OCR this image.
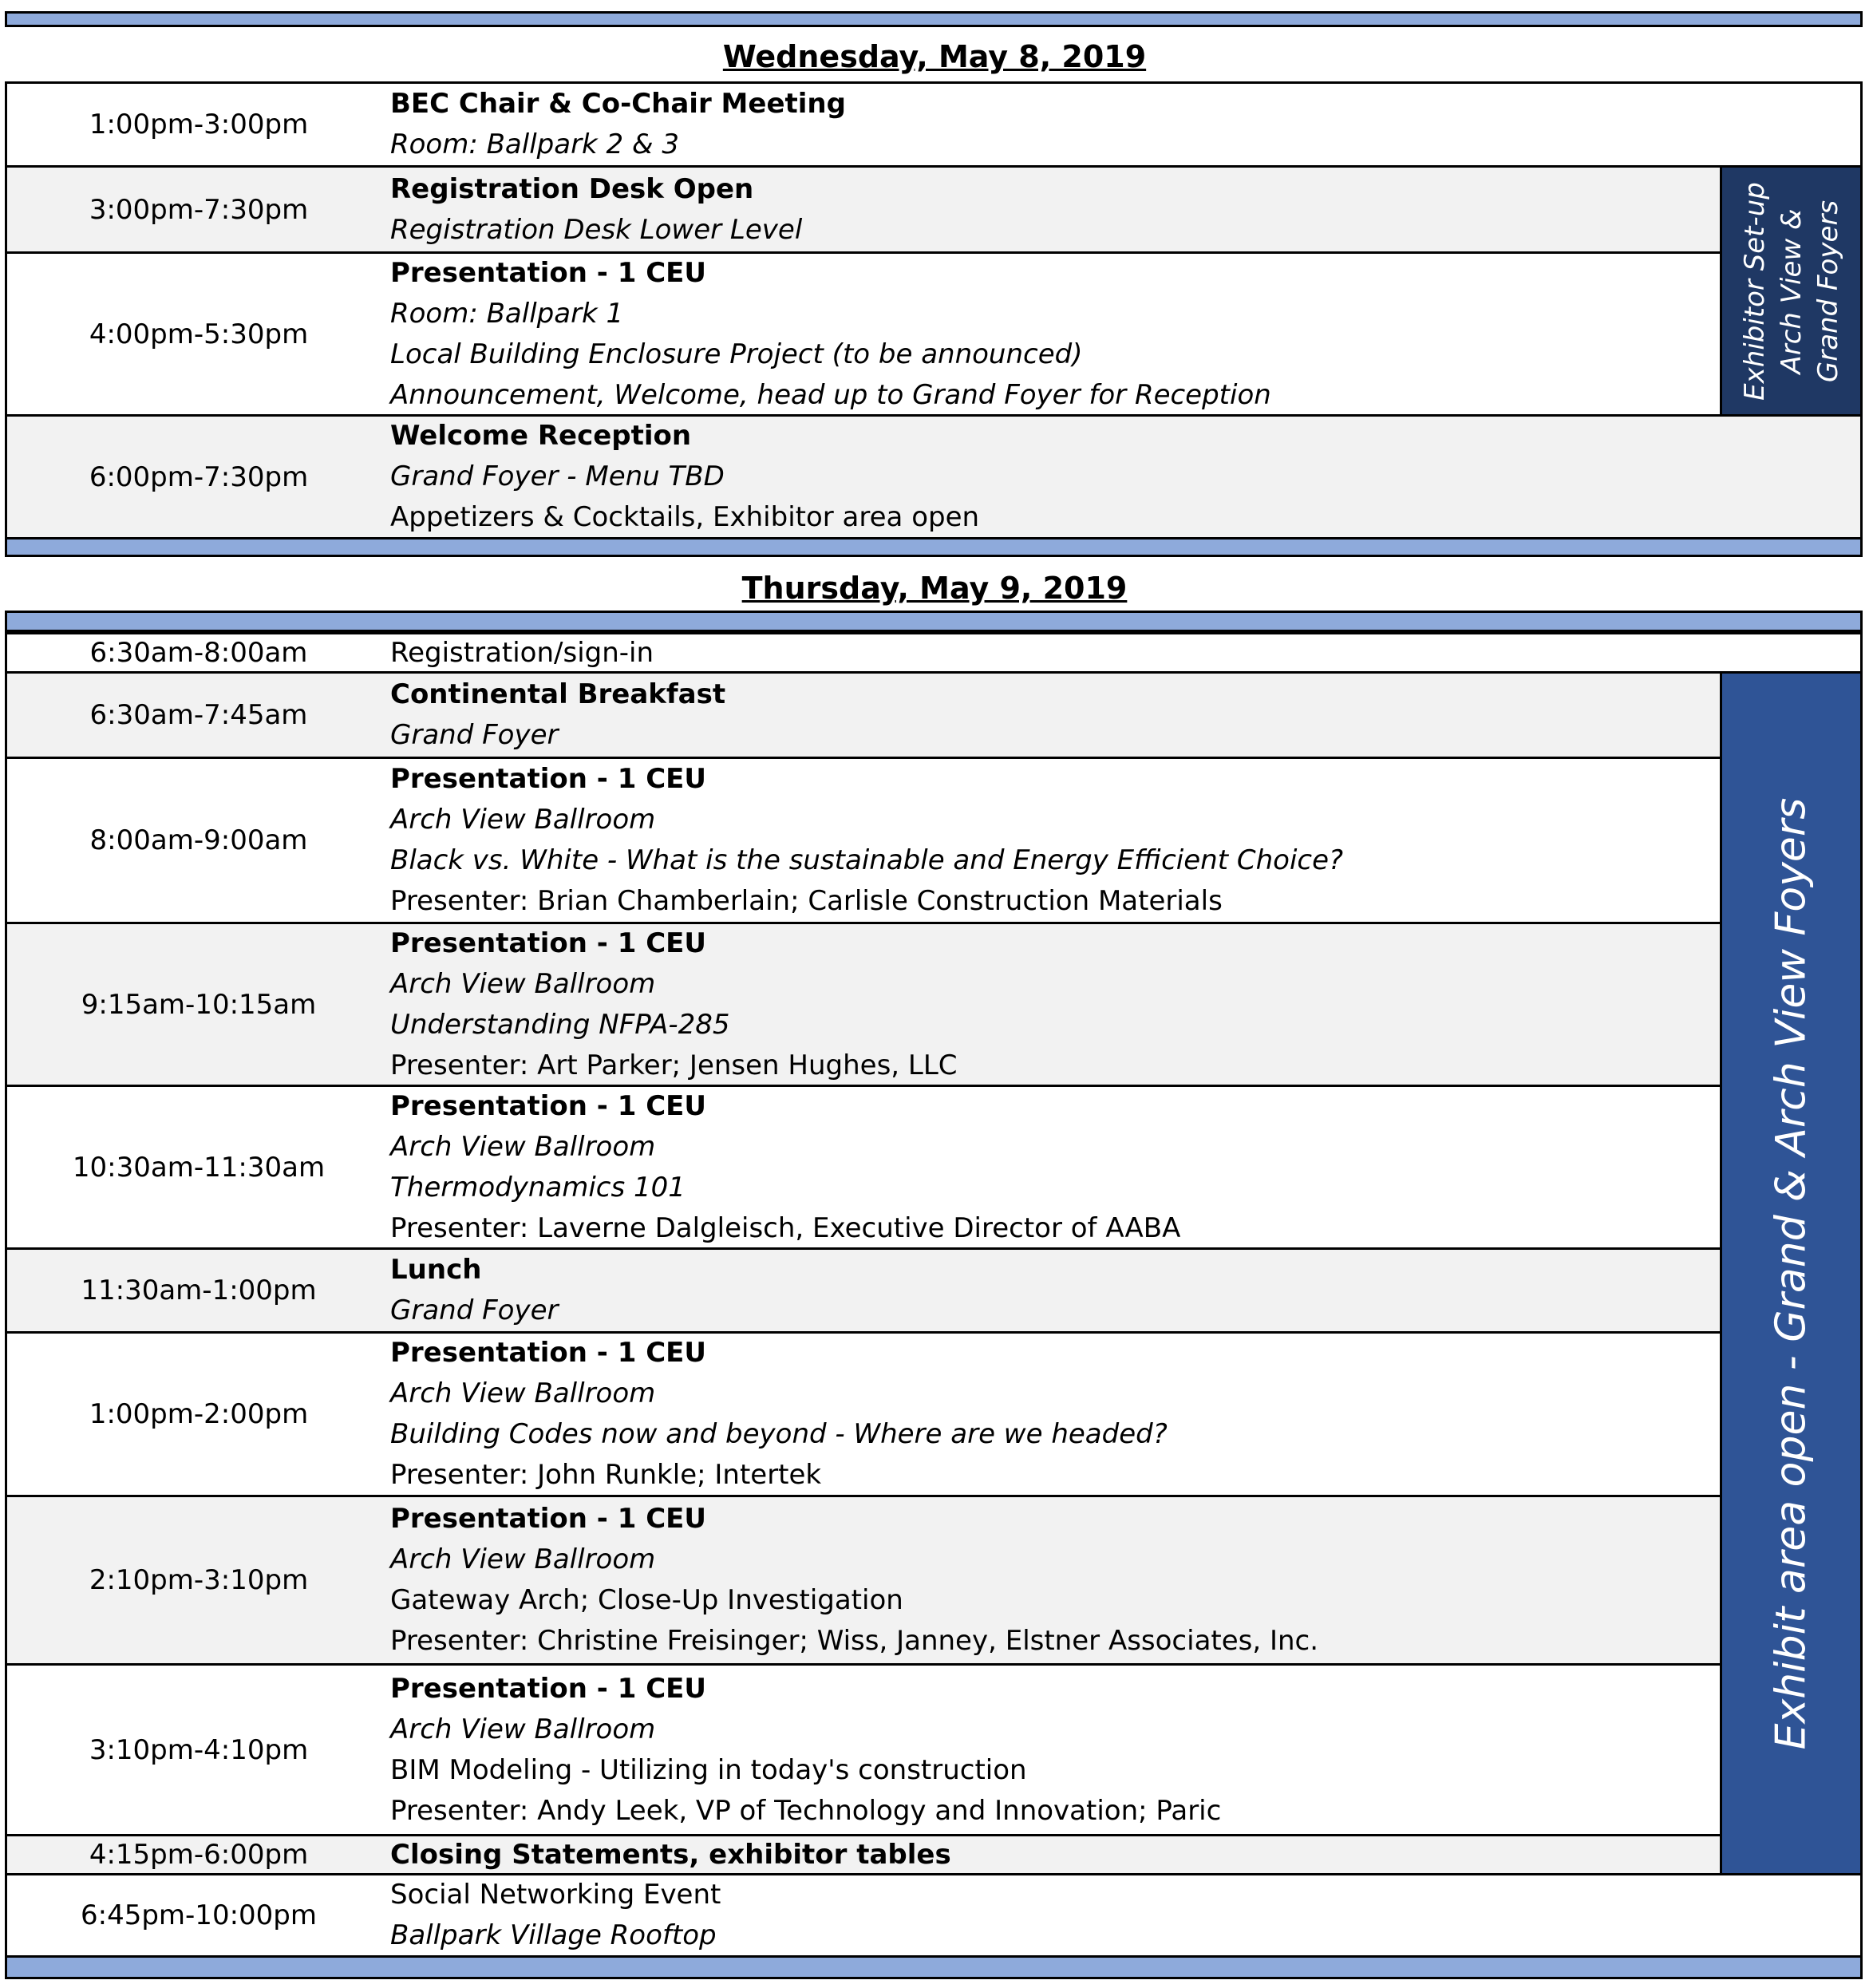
Wednesday, May 8, 2019
1:00pm-3:00pm
BEC Chair & Co-Chair Meeting
Room: Ballpark 2 & 3
3:00pm-7:30pm
Registration Desk Open
Registration Desk Lower Level
4:00pm-5:30pm
Presentation - 1 CEU
Room: Ballpark 1
Local Building Enclosure Project (to be announced)
Announcement, Welcome, head up to Grand Foyer for Reception
6:00pm-7:30pm
Welcome Reception
Grand Foyer - Menu TBD
Appetizers & Cocktails, Exhibitor area open
Exhibitor Set-up Arch View & Grand Foyers
Thursday, May 9, 2019
6:30am-8:00am	Registration/sign-in
6:30am-7:45am
Continental Breakfast
Grand Foyer
8:00am-9:00am
Presentation - 1 CEU
Arch View Ballroom
Black vs. White - What is the sustainable and Energy Efficient Choice?
Presenter: Brian Chamberlain; Carlisle Construction Materials
9:15am-10:15am
Presentation - 1 CEU
Arch View Ballroom
Understanding NFPA-285
Presenter: Art Parker; Jensen Hughes, LLC
10:30am-11:30am
Presentation - 1 CEU
Arch View Ballroom
Thermodynamics 101
Presenter: Laverne Dalgleisch, Executive Director of AABA
11:30am-1:00pm
Lunch
Grand Foyer
1:00pm-2:00pm
Presentation - 1 CEU
Arch View Ballroom
Building Codes now and beyond - Where are we headed?
Presenter: John Runkle; Intertek
2:10pm-3:10pm
Presentation - 1 CEU
Arch View Ballroom
Gateway Arch; Close-Up Investigation
Presenter: Christine Freisinger; Wiss, Janney, Elstner Associates, Inc.
3:10pm-4:10pm
Presentation - 1 CEU
Arch View Ballroom
BIM Modeling - Utilizing in today's construction
Presenter: Andy Leek, VP of Technology and Innovation; Paric
4:15pm-6:00pm	Closing Statements, exhibitor tables
6:45pm-10:00pm
Social Networking Event
Ballpark Village Rooftop
Exhibit area open - Grand & Arch View Foyers
